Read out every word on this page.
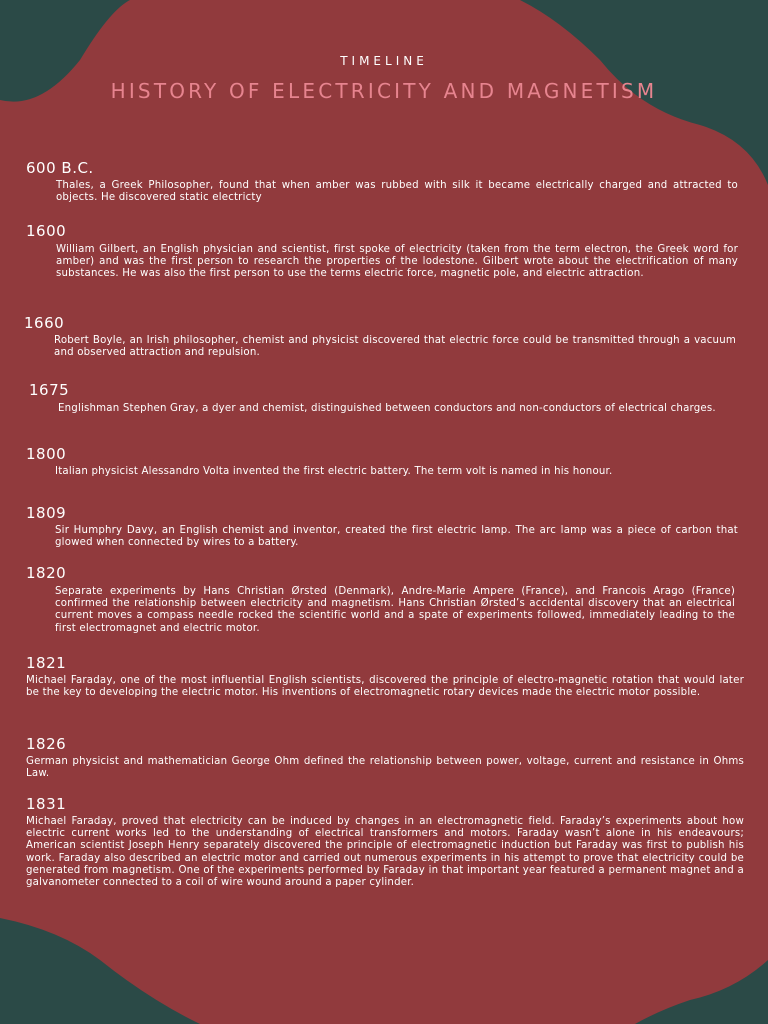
TIMELINE
HISTORY OF ELECTRICITY AND MAGNETISM
600 B.C.
Thales, a Greek Philosopher, found that when amber was rubbed with silk it became electrically charged and attracted to objects. He discovered static electricty
1600
William Gilbert, an English physician and scientist, first spoke of electricity (taken from the term electron, the Greek word for amber) and was the first person to research the properties of the lodestone. Gilbert wrote about the electrification of many substances. He was also the first person to use the terms electric force, magnetic pole, and electric attraction.
1660
Robert Boyle, an Irish philosopher, chemist and physicist discovered that electric force could be transmitted through a vacuum and observed attraction and repulsion.
1675
Englishman Stephen Gray, a dyer and chemist, distinguished between conductors and non-conductors of electrical charges.
1800
Italian physicist Alessandro Volta invented the first electric battery. The term volt is named in his honour.
1809
Sir Humphry Davy, an English chemist and inventor, created the first electric lamp. The arc lamp was a piece of carbon that glowed when connected by wires to a battery.
1820
Separate experiments by Hans Christian Ørsted (Denmark), Andre-Marie Ampere (France), and Francois Arago (France) confirmed the relationship between electricity and magnetism. Hans Christian Ørsted’s accidental discovery that an electrical current moves a compass needle rocked the scientific world and a spate of experiments followed, immediately leading to the first electromagnet and electric motor.
1821
Michael Faraday, one of the most influential English scientists, discovered the principle of electro-magnetic rotation that would later be the key to developing the electric motor. His inventions of electromagnetic rotary devices made the electric motor possible.
1826
German physicist and mathematician George Ohm defined the relationship between power, voltage, current and resistance in Ohms Law.
1831
Michael Faraday, proved that electricity can be induced by changes in an electromagnetic field. Faraday’s experiments about how electric current works led to the understanding of electrical transformers and motors. Faraday wasn’t alone in his endeavours; American scientist Joseph Henry separately discovered the principle of electromagnetic induction but Faraday was first to publish his work. Faraday also described an electric motor and carried out numerous experiments in his attempt to prove that electricity could be generated from magnetism. One of the experiments performed by Faraday in that important year featured a permanent magnet and a galvanometer connected to a coil of wire wound around a paper cylinder.
